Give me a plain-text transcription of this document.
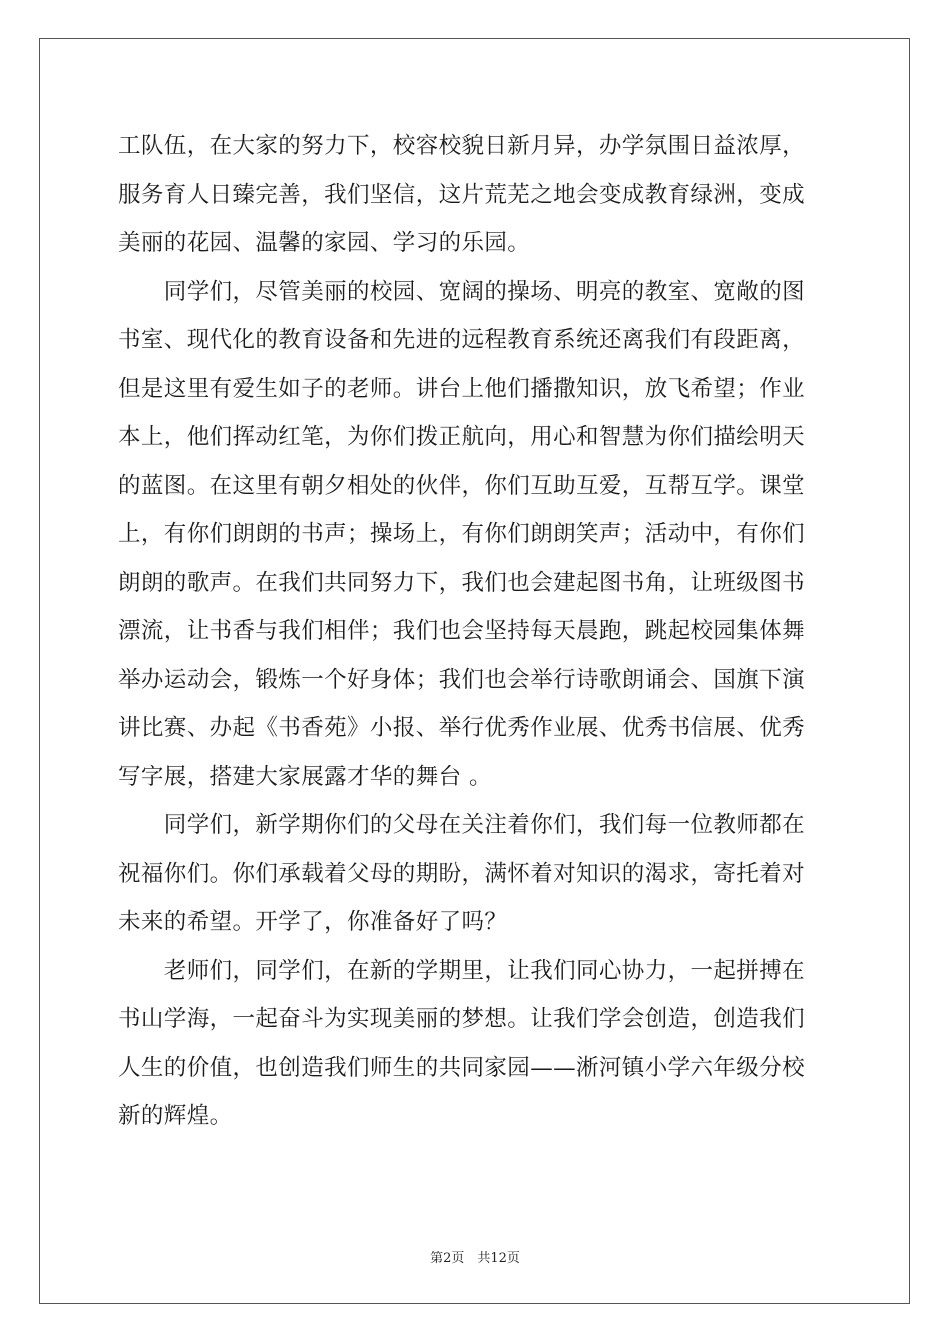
工队伍，在大家的努力下，校容校貌日新月异，办学氛围日益浓厚，
服务育人日臻完善，我们坚信，这片荒芜之地会变成教育绿洲，变成
美丽的花园、温馨的家园、学习的乐园。
　　同学们，尽管美丽的校园、宽阔的操场、明亮的教室、宽敞的图
书室、现代化的教育设备和先进的远程教育系统还离我们有段距离，
但是这里有爱生如子的老师。讲台上他们播撒知识，放飞希望；作业
本上，他们挥动红笔，为你们拨正航向，用心和智慧为你们描绘明天
的蓝图。在这里有朝夕相处的伙伴，你们互助互爱，互帮互学。课堂
上，有你们朗朗的书声；操场上，有你们朗朗笑声；活动中，有你们
朗朗的歌声。在我们共同努力下，我们也会建起图书角，让班级图书
漂流，让书香与我们相伴；我们也会坚持每天晨跑，跳起校园集体舞
举办运动会，锻炼一个好身体；我们也会举行诗歌朗诵会、国旗下演
讲比赛、办起《书香苑》小报、举行优秀作业展、优秀书信展、优秀
写字展，搭建大家展露才华的舞台 。
　　同学们，新学期你们的父母在关注着你们，我们每一位教师都在
祝福你们。你们承载着父母的期盼，满怀着对知识的渴求，寄托着对
未来的希望。开学了，你准备好了吗？
　　老师们，同学们，在新的学期里，让我们同心协力，一起拼搏在
书山学海，一起奋斗为实现美丽的梦想。让我们学会创造，创造我们
人生的价值，也创造我们师生的共同家园——淅河镇小学六年级分校
新的辉煌。
第2页　共12页
